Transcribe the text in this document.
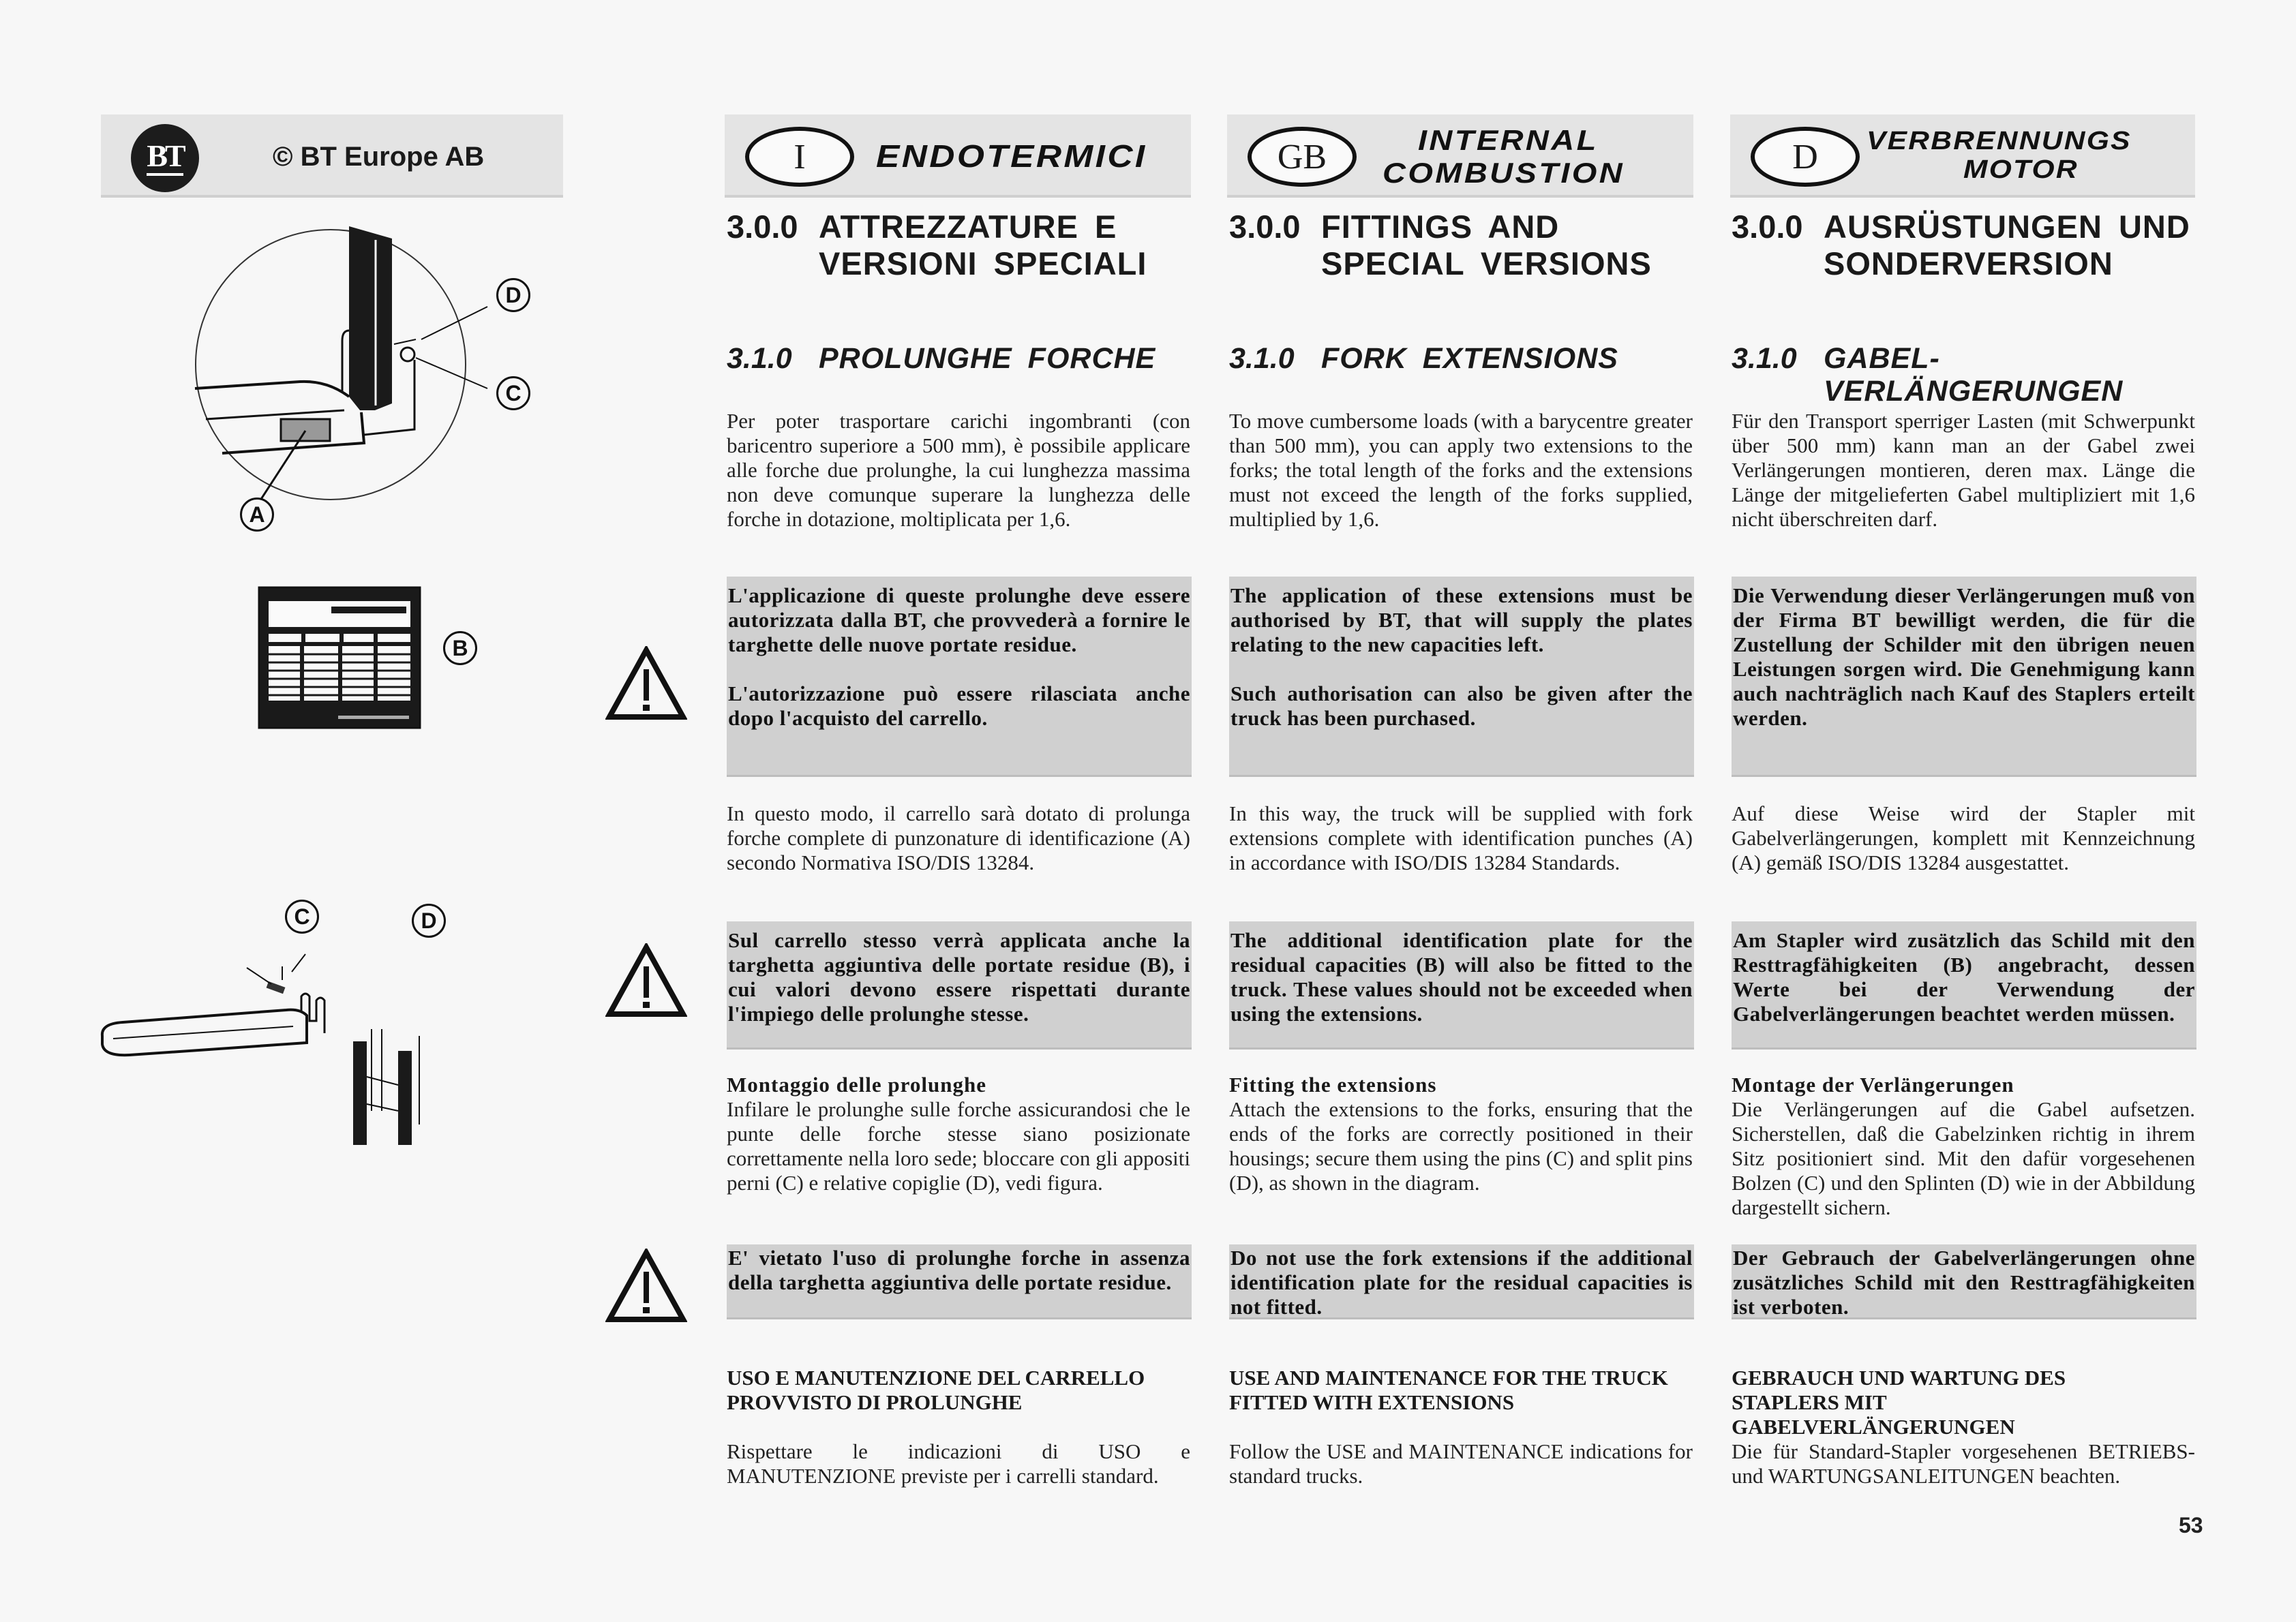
BT	© BT Europe AB
D
C
A
B
C	D
I	ENDOTERMICI	GB	INTERNAL
COMBUSTION	D	VERBRENNUNGS
MOTOR
3.0.0 ATTREZZATURE E VERSIONI SPECIALI
3.1.0 PROLUNGHE FORCHE
Per poter trasportare carichi ingombranti (con baricentro superiore a 500 mm), è possibile applicare alle forche due prolunghe, la cui lunghezza massima non deve comunque superare la lunghezza delle forche in dotazione, moltiplicata per 1,6.

L'applicazione di queste prolunghe deve essere autorizzata dalla BT, che provvederà a fornire le targhette delle nuove portate residue.

L'autorizzazione può essere rilasciata anche dopo l'acquisto del carrello.

In questo modo, il carrello sarà dotato di prolunga forche complete di punzonature di identificazione (A) secondo Normativa ISO/DIS 13284.

Sul carrello stesso verrà applicata anche la targhetta aggiuntiva delle portate residue (B), i cui valori devono essere rispettati durante l'impiego delle prolunghe stesse.

Montaggio delle prolunghe
Infilare le prolunghe sulle forche assicurandosi che le punte delle forche stesse siano posizionate correttamente nella loro sede; bloccare con gli appositi perni (C) e relative copiglie (D), vedi figura.

E' vietato l'uso di prolunghe forche in assenza della targhetta aggiuntiva delle portate residue.

USO E MANUTENZIONE DEL CARRELLO PROVVISTO DI PROLUNGHE
Rispettare le indicazioni di USO e MANUTENZIONE previste per i carrelli standard.
3.0.0 FITTINGS AND SPECIAL VERSIONS
3.1.0 FORK EXTENSIONS
To move cumbersome loads (with a barycentre greater than 500 mm), you can apply two extensions to the forks; the total length of the forks and the extensions must not exceed the length of the forks supplied, multiplied by 1,6.

The application of these extensions must be authorised by BT, that will supply the plates relating to the new capacities left.

Such authorisation can also be given after the truck has been purchased.

In this way, the truck will be supplied with fork extensions complete with identification punches (A) in accordance with ISO/DIS 13284 Standards.

The additional identification plate for the residual capacities (B) will also be fitted to the truck. These values should not be exceeded when using the extensions.

Fitting the extensions
Attach the extensions to the forks, ensuring that the ends of the forks are correctly positioned in their housings; secure them using the pins (C) and split pins (D), as shown in the diagram.

Do not use the fork extensions if the additional identification plate for the residual capacities is not fitted.

USE AND MAINTENANCE FOR THE TRUCK FITTED WITH EXTENSIONS
Follow the USE and MAINTENANCE indications for standard trucks.
3.0.0 AUSRÜSTUNGEN UND SONDERVERSION
3.1.0 GABEL- VERLÄNGERUNGEN
Für den Transport sperriger Lasten (mit Schwerpunkt über 500 mm) kann man an der Gabel zwei Verlängerungen montieren, deren max. Länge die Länge der mitgelieferten Gabel multipliziert mit 1,6 nicht überschreiten darf.

Die Verwendung dieser Verlängerungen muß von der Firma BT bewilligt werden, die für die Zustellung der Schilder mit den übrigen neuen Leistungen sorgen wird. Die Genehmigung kann auch nachträglich nach Kauf des Staplers erteilt werden.

Auf diese Weise wird der Stapler mit Gabelverlängerungen, komplett mit Kennzeichnung (A) gemäß ISO/DIS 13284 ausgestattet.

Am Stapler wird zusätzlich das Schild mit den Resttragfähigkeiten (B) angebracht, dessen Werte bei der Verwendung der Gabelverlängerungen beachtet werden müssen.

Montage der Verlängerungen
Die Verlängerungen auf die Gabel aufsetzen. Sicherstellen, daß die Gabelzinken richtig in ihrem Sitz positioniert sind. Mit den dafür vorgesehenen Bolzen (C) und den Splinten (D) wie in der Abbildung dargestellt sichern.

Der Gebrauch der Gabelverlängerungen ohne zusätzliches Schild mit den Resttragfähigkeiten ist verboten.

GEBRAUCH UND WARTUNG DES STAPLERS MIT GABELVERLÄNGERUNGEN
Die für Standard-Stapler vorgesehenen BETRIEBS- und WARTUNGSANLEITUNGEN beachten.
53
